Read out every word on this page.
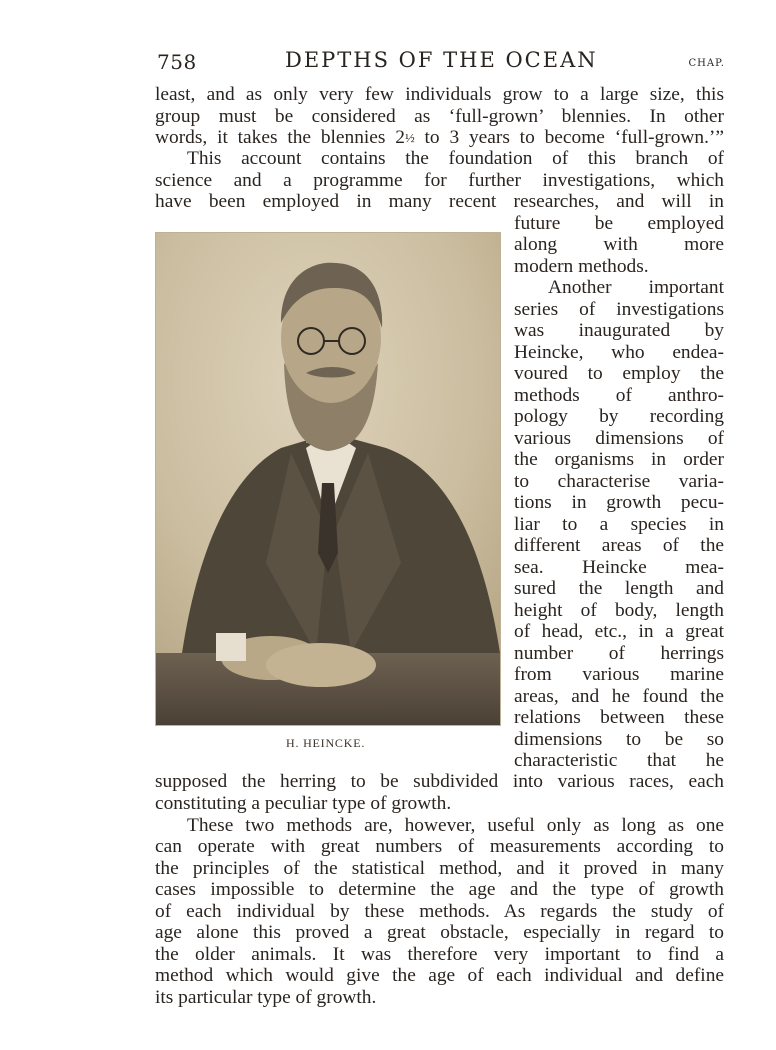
758	DEPTHS OF THE OCEAN	CHAP.
least, and as only very few individuals grow to a large size, this
group must be considered as ‘full-grown’ blennies. In other
words, it takes the blennies 2½ to 3 years to become ‘full-grown.’”
This account contains the foundation of this branch of
science and a programme for further investigations, which
have been employed in many recent researches, and will in
H. HEINCKE.
future be employed
along with more
modern methods.
Another important
series of investigations
was inaugurated by
Heincke, who endea-
voured to employ the
methods of anthro-
pology by recording
various dimensions of
the organisms in order
to characterise varia-
tions in growth pecu-
liar to a species in
different areas of the
sea. Heincke mea-
sured the length and
height of body, length
of head, etc., in a great
number of herrings
from various marine
areas, and he found the
relations between these
dimensions to be so
characteristic that he
supposed the herring to be subdivided into various races, each
constituting a peculiar type of growth.
These two methods are, however, useful only as long as one
can operate with great numbers of measurements according to
the principles of the statistical method, and it proved in many
cases impossible to determine the age and the type of growth
of each individual by these methods. As regards the study of
age alone this proved a great obstacle, especially in regard to
the older animals. It was therefore very important to find a
method which would give the age of each individual and define
its particular type of growth.
